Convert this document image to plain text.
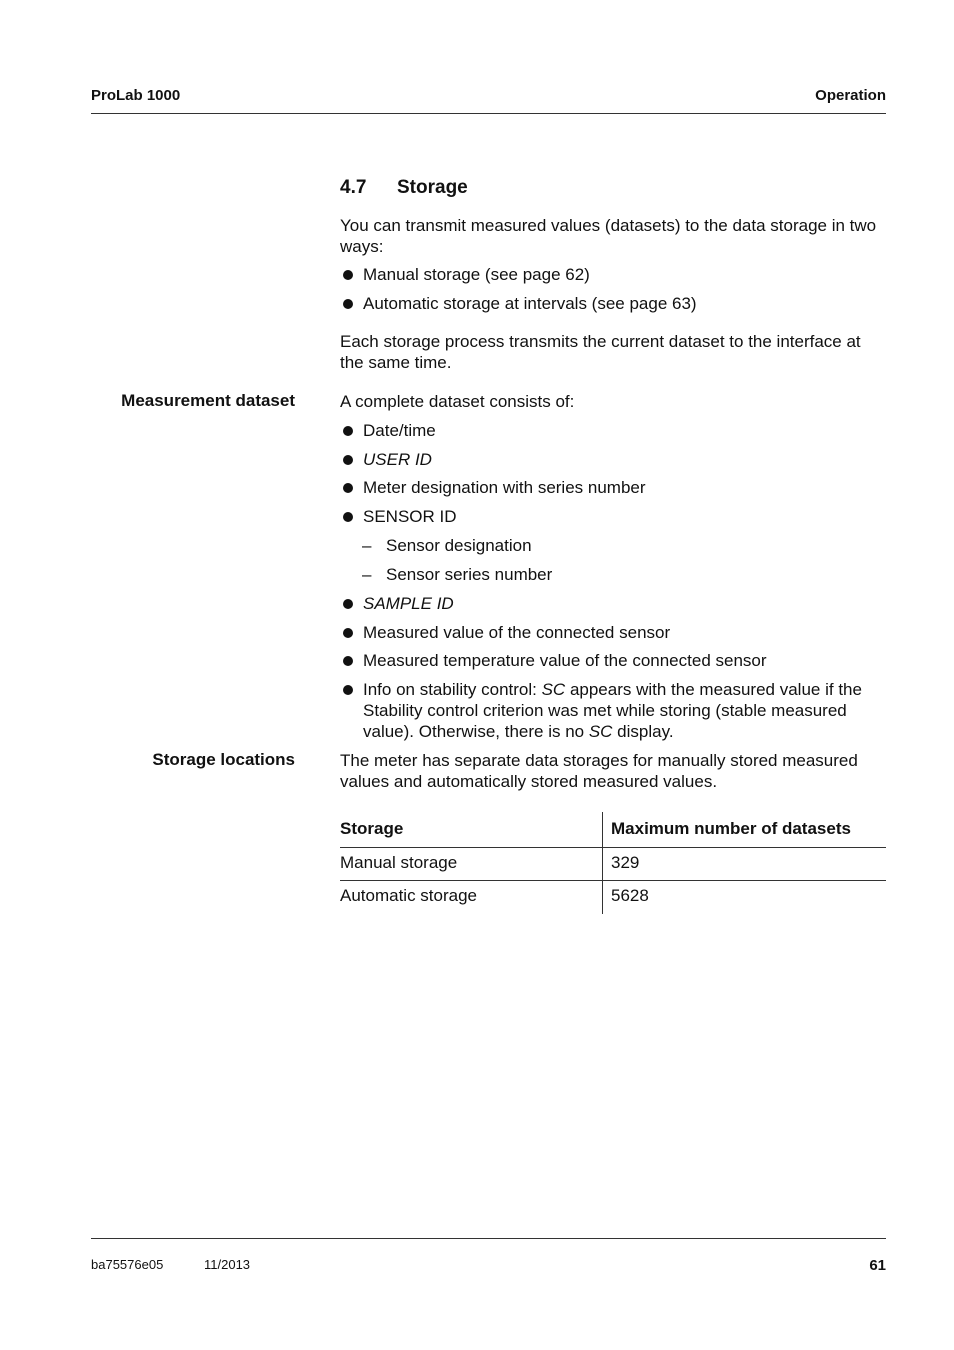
ProLab 1000	Operation
4.7 Storage
You can transmit measured values (datasets) to the data storage in two ways:
Manual storage (see page 62)
Automatic storage at intervals (see page 63)
Each storage process transmits the current dataset to the interface at the same time.
Measurement dataset	A complete dataset consists of:
Date/time
USER ID
Meter designation with series number
SENSOR ID
– Sensor designation
– Sensor series number
SAMPLE ID
Measured value of the connected sensor
Measured temperature value of the connected sensor
Info on stability control: SC appears with the measured value if the Stability control criterion was met while storing (stable measured value). Otherwise, there is no SC display.
Storage locations	The meter has separate data storages for manually stored measured values and automatically stored measured values.
Storage	Maximum number of datasets
Manual storage	329
Automatic storage	5628
ba75576e05	11/2013	61
